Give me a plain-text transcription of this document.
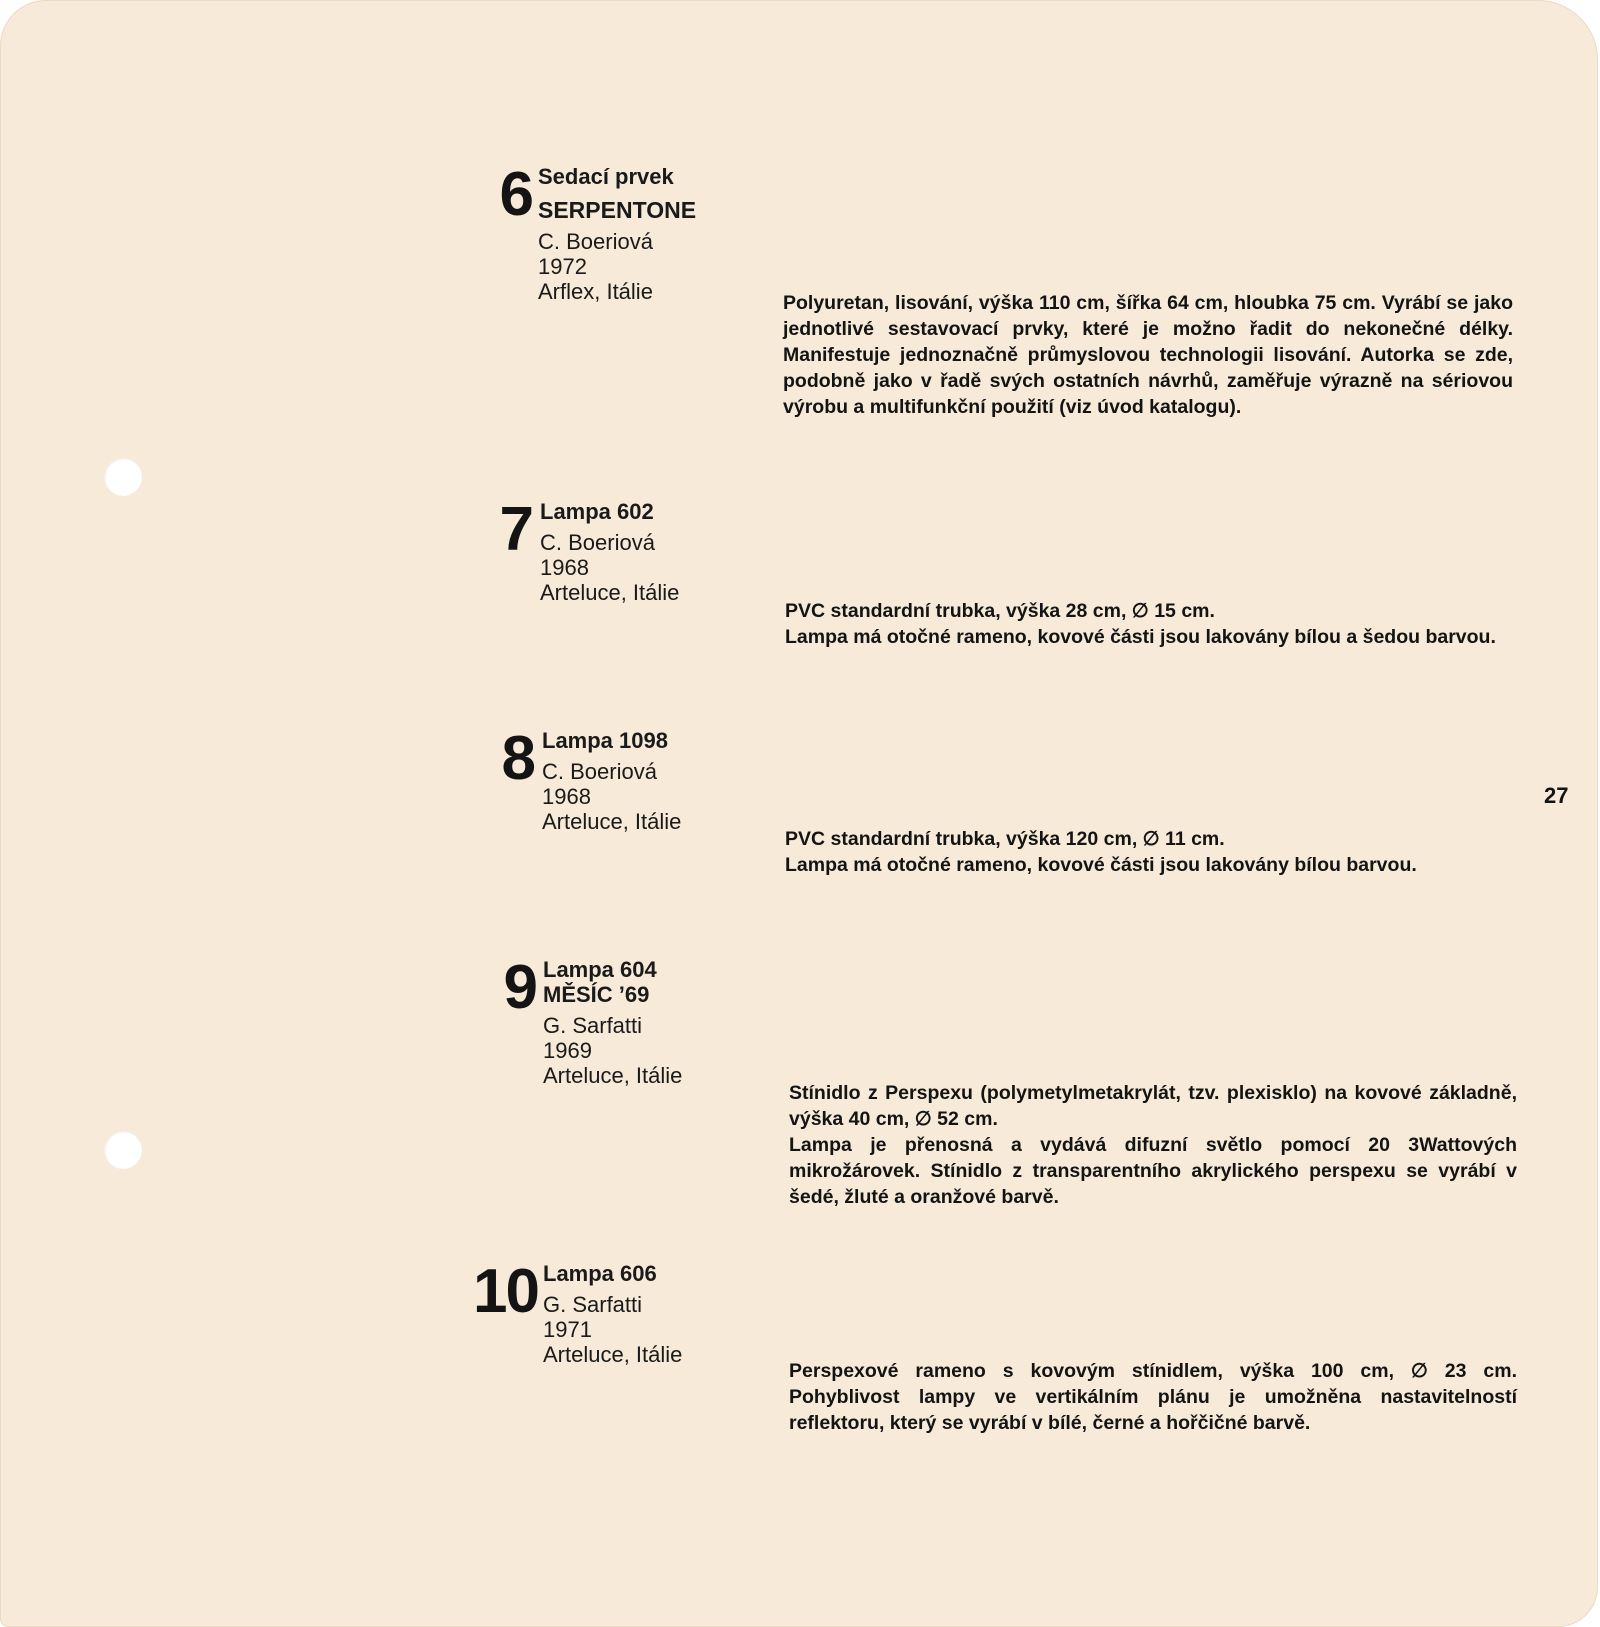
6 Sedací prvek
SERPENTONE
C. Boeriová
1972
Arflex, Itálie	Polyuretan, lisování, výška 110 cm, šířka 64 cm, hloubka 75 cm. Vyrábí se jako jednotlivé sestavovací prvky, které je možno řadit do nekonečné délky. Manifestuje jednoznačně průmyslovou technologii lisování. Autorka se zde, podobně jako v řadě svých ostatních návrhů, zaměřuje výrazně na sériovou výrobu a multifunkční použití (viz úvod katalogu).

7 Lampa 602
C. Boeriová
1968
Arteluce, Itálie

PVC standardní trubka, výška 28 cm, ∅ 15 cm.

Lampa má otočné rameno, kovové části jsou lakovány bílou a šedou barvou.

8 Lampa 1098
C. Boeriová
1968
Arteluce, Itálie

PVC standardní trubka, výška 120 cm, ∅ 11 cm.

Lampa má otočné rameno, kovové části jsou lakovány bílou barvou.

9 Lampa 604
MĚSÍC ’69
G. Sarfatti
1969
Arteluce, Itálie

Stínidlo z Perspexu (polymetylmetakrylát, tzv. plexisklo) na kovové základně, výška 40 cm, ∅ 52 cm.

Lampa je přenosná a vydává difuzní světlo pomocí 20 3Wattových mikrožárovek. Stínidlo z transparentního akrylického perspexu se vyrábí v šedé, žluté a oranžové barvě.

10 Lampa 606
G. Sarfatti
1971
Arteluce, Itálie

Perspexové rameno s kovovým stínidlem, výška 100 cm, ∅ 23 cm. Pohyblivost lampy ve vertikálním plánu je umožněna nastavitelností reflektoru, který se vyrábí v bílé, černé a hořčičné barvě.

27
